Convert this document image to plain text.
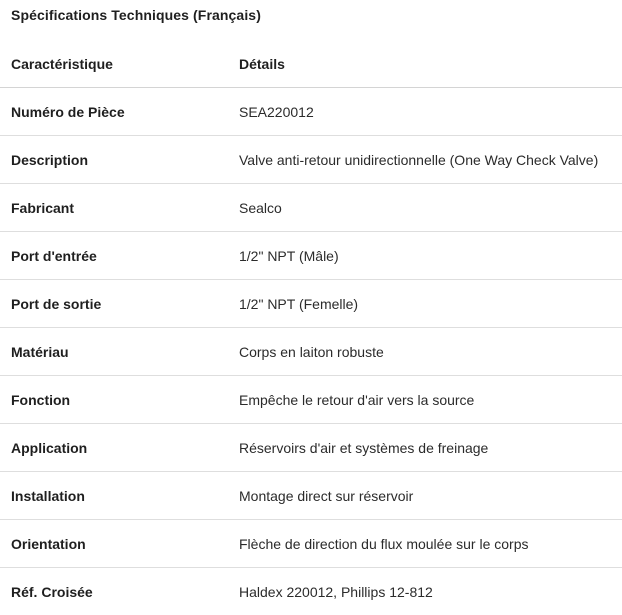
Spécifications Techniques (Français)
Caractéristique	Détails
Numéro de Pièce	SEA220012
Description	Valve anti-retour unidirectionnelle (One Way Check Valve)
Fabricant	Sealco
Port d'entrée	1/2" NPT (Mâle)
Port de sortie	1/2" NPT (Femelle)
Matériau	Corps en laiton robuste
Fonction	Empêche le retour d'air vers la source
Application	Réservoirs d'air et systèmes de freinage
Installation	Montage direct sur réservoir
Orientation	Flèche de direction du flux moulée sur le corps
Réf. Croisée	Haldex 220012, Phillips 12-812
